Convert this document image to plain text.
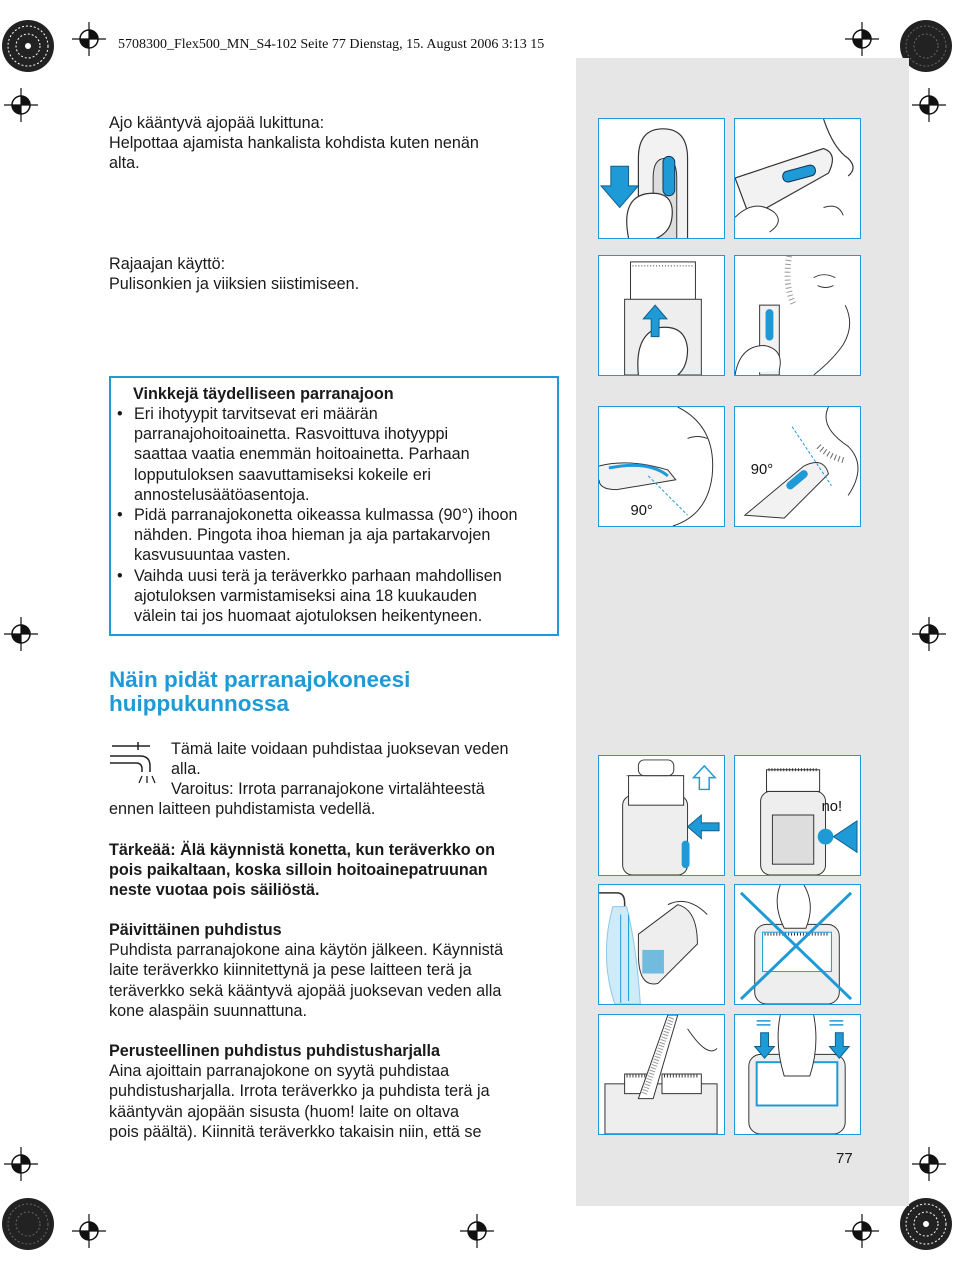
5708300_Flex500_MN_S4-102 Seite 77 Dienstag, 15. August 2006 3:13 15
Ajo kääntyvä ajopää lukittuna:
Helpottaa ajamista hankalista kohdista kuten nenän
alta.
Rajaajan käyttö:
Pulisonkien ja viiksien siistimiseen.
Vinkkejä täydelliseen parranajoon
• Eri ihotyypit tarvitsevat eri määrän
parranajohoitoainetta. Rasvoittuva ihotyyppi
saattaa vaatia enemmän hoitoainetta. Parhaan
lopputuloksen saavuttamiseksi kokeile eri
annostelusäätöasentoja.
• Pidä parranajokonetta oikeassa kulmassa (90°) ihoon
nähden. Pingota ihoa hieman ja aja partakarvojen
kasvusuuntaa vasten.
• Vaihda uusi terä ja teräverkko parhaan mahdollisen
ajotuloksen varmistamiseksi aina 18 kuukauden
välein tai jos huomaat ajotuloksen heikentyneen.
Näin pidät parranajokoneesi
huippukunnossa
Tämä laite voidaan puhdistaa juoksevan veden
alla.
Varoitus: Irrota parranajokone virtalähteestä
ennen laitteen puhdistamista vedellä.
Tärkeää: Älä käynnistä konetta, kun teräverkko on
pois paikaltaan, koska silloin hoitoainepatruunan
neste vuotaa pois säiliöstä.
Päivittäinen puhdistus
Puhdista parranajokone aina käytön jälkeen. Käynnistä
laite teräverkko kiinnitettynä ja pese laitteen terä ja
teräverkko sekä kääntyvä ajopää juoksevan veden alla
kone alaspäin suunnattuna.
Perusteellinen puhdistus puhdistusharjalla
Aina ajoittain parranajokone on syytä puhdistaa
puhdistusharjalla. Irrota teräverkko ja puhdista terä ja
kääntyvän ajopään sisusta (huom! laite on oltava
pois päältä). Kiinnitä teräverkko takaisin niin, että se
90°
90°
no!
77
